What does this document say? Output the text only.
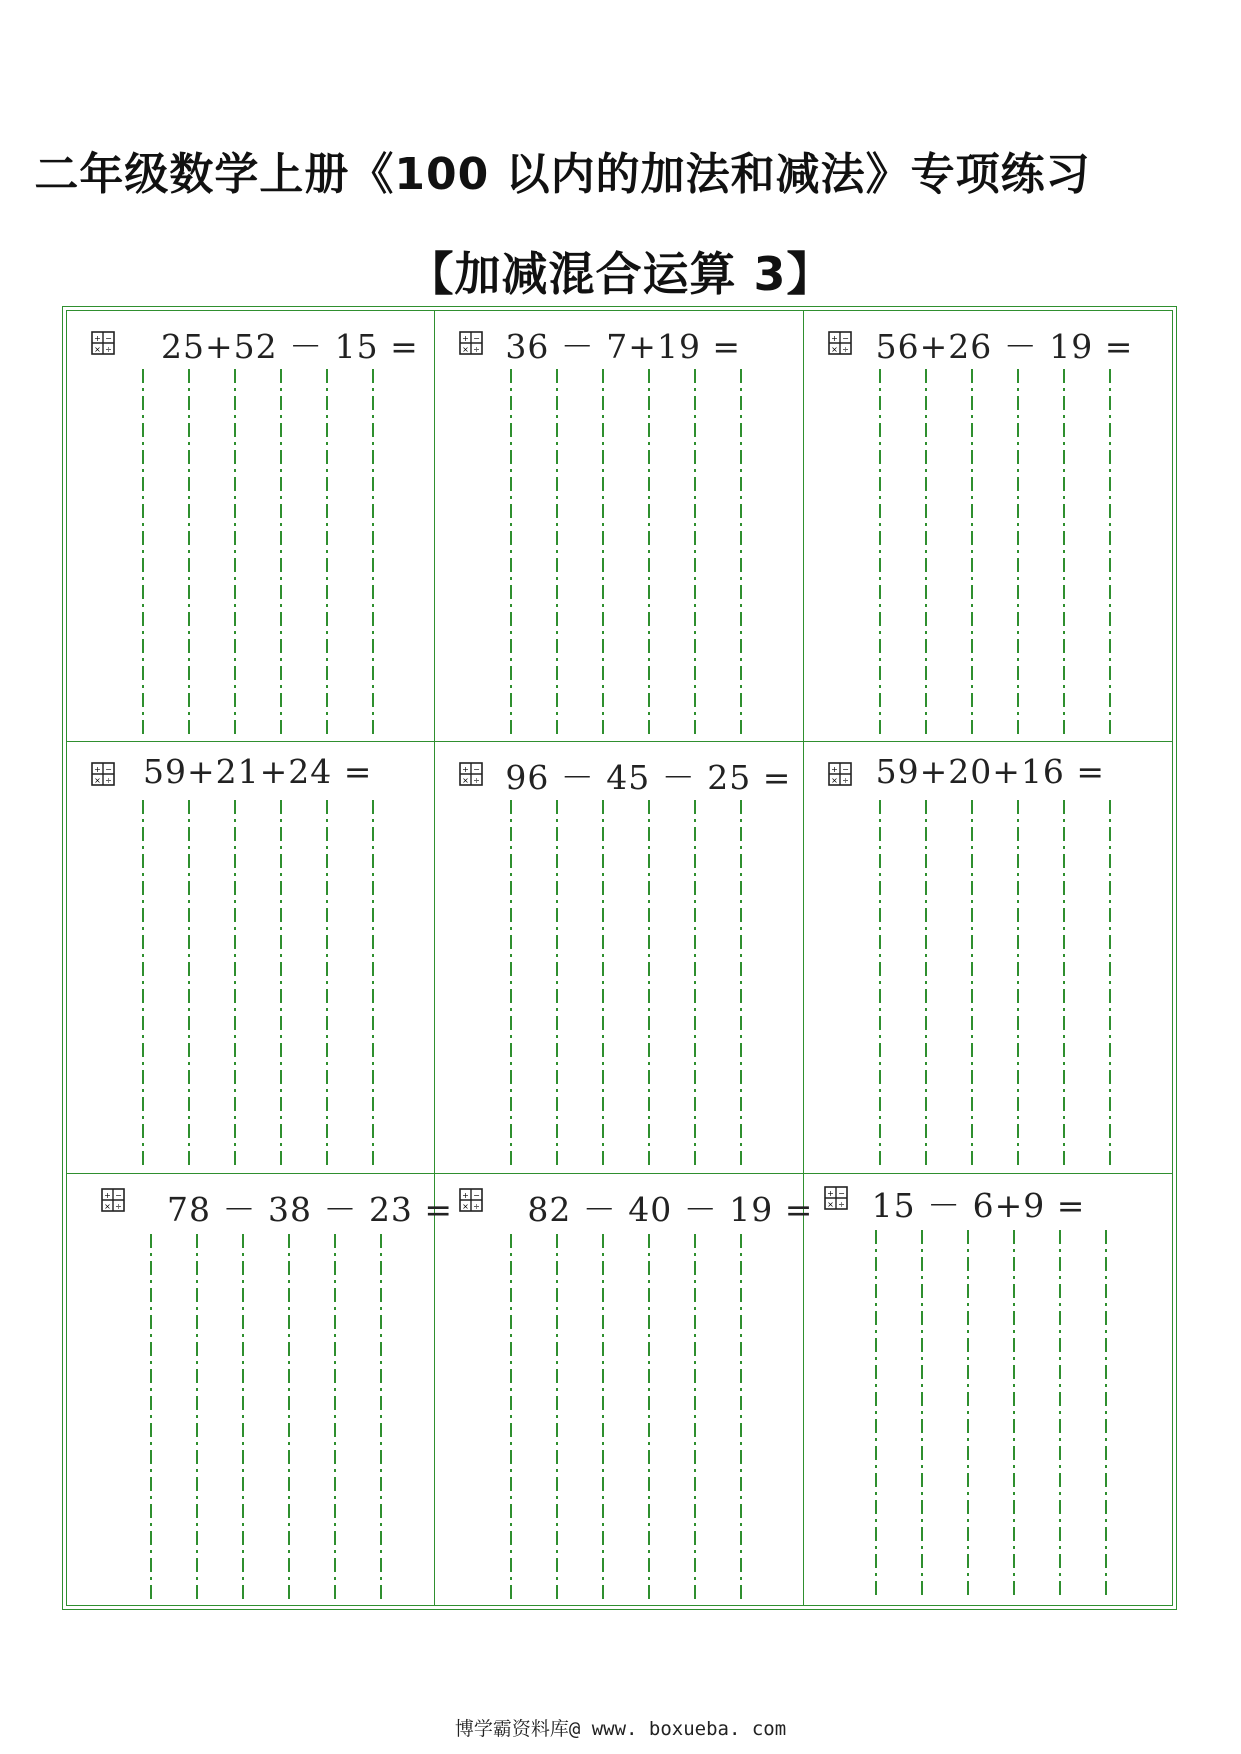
二年级数学上册《100 以内的加法和减法》专项练习
【加减混合运算 3】
+ −
× ÷ 25+52 － 15 =	+ −
× ÷ 36 － 7+19 =	+ −
× ÷ 56+26 － 19 =
+ −
× ÷ 59+21+24 =	+ −
× ÷ 96 － 45 － 25 =	+ −
× ÷ 59+20+16 =
+ −
× ÷ 78 － 38 － 23 = + −
× ÷ 82 － 40 － 19 = + −
× ÷ 15 － 6+9 =
博学霸资料库@ www. boxueba. com
